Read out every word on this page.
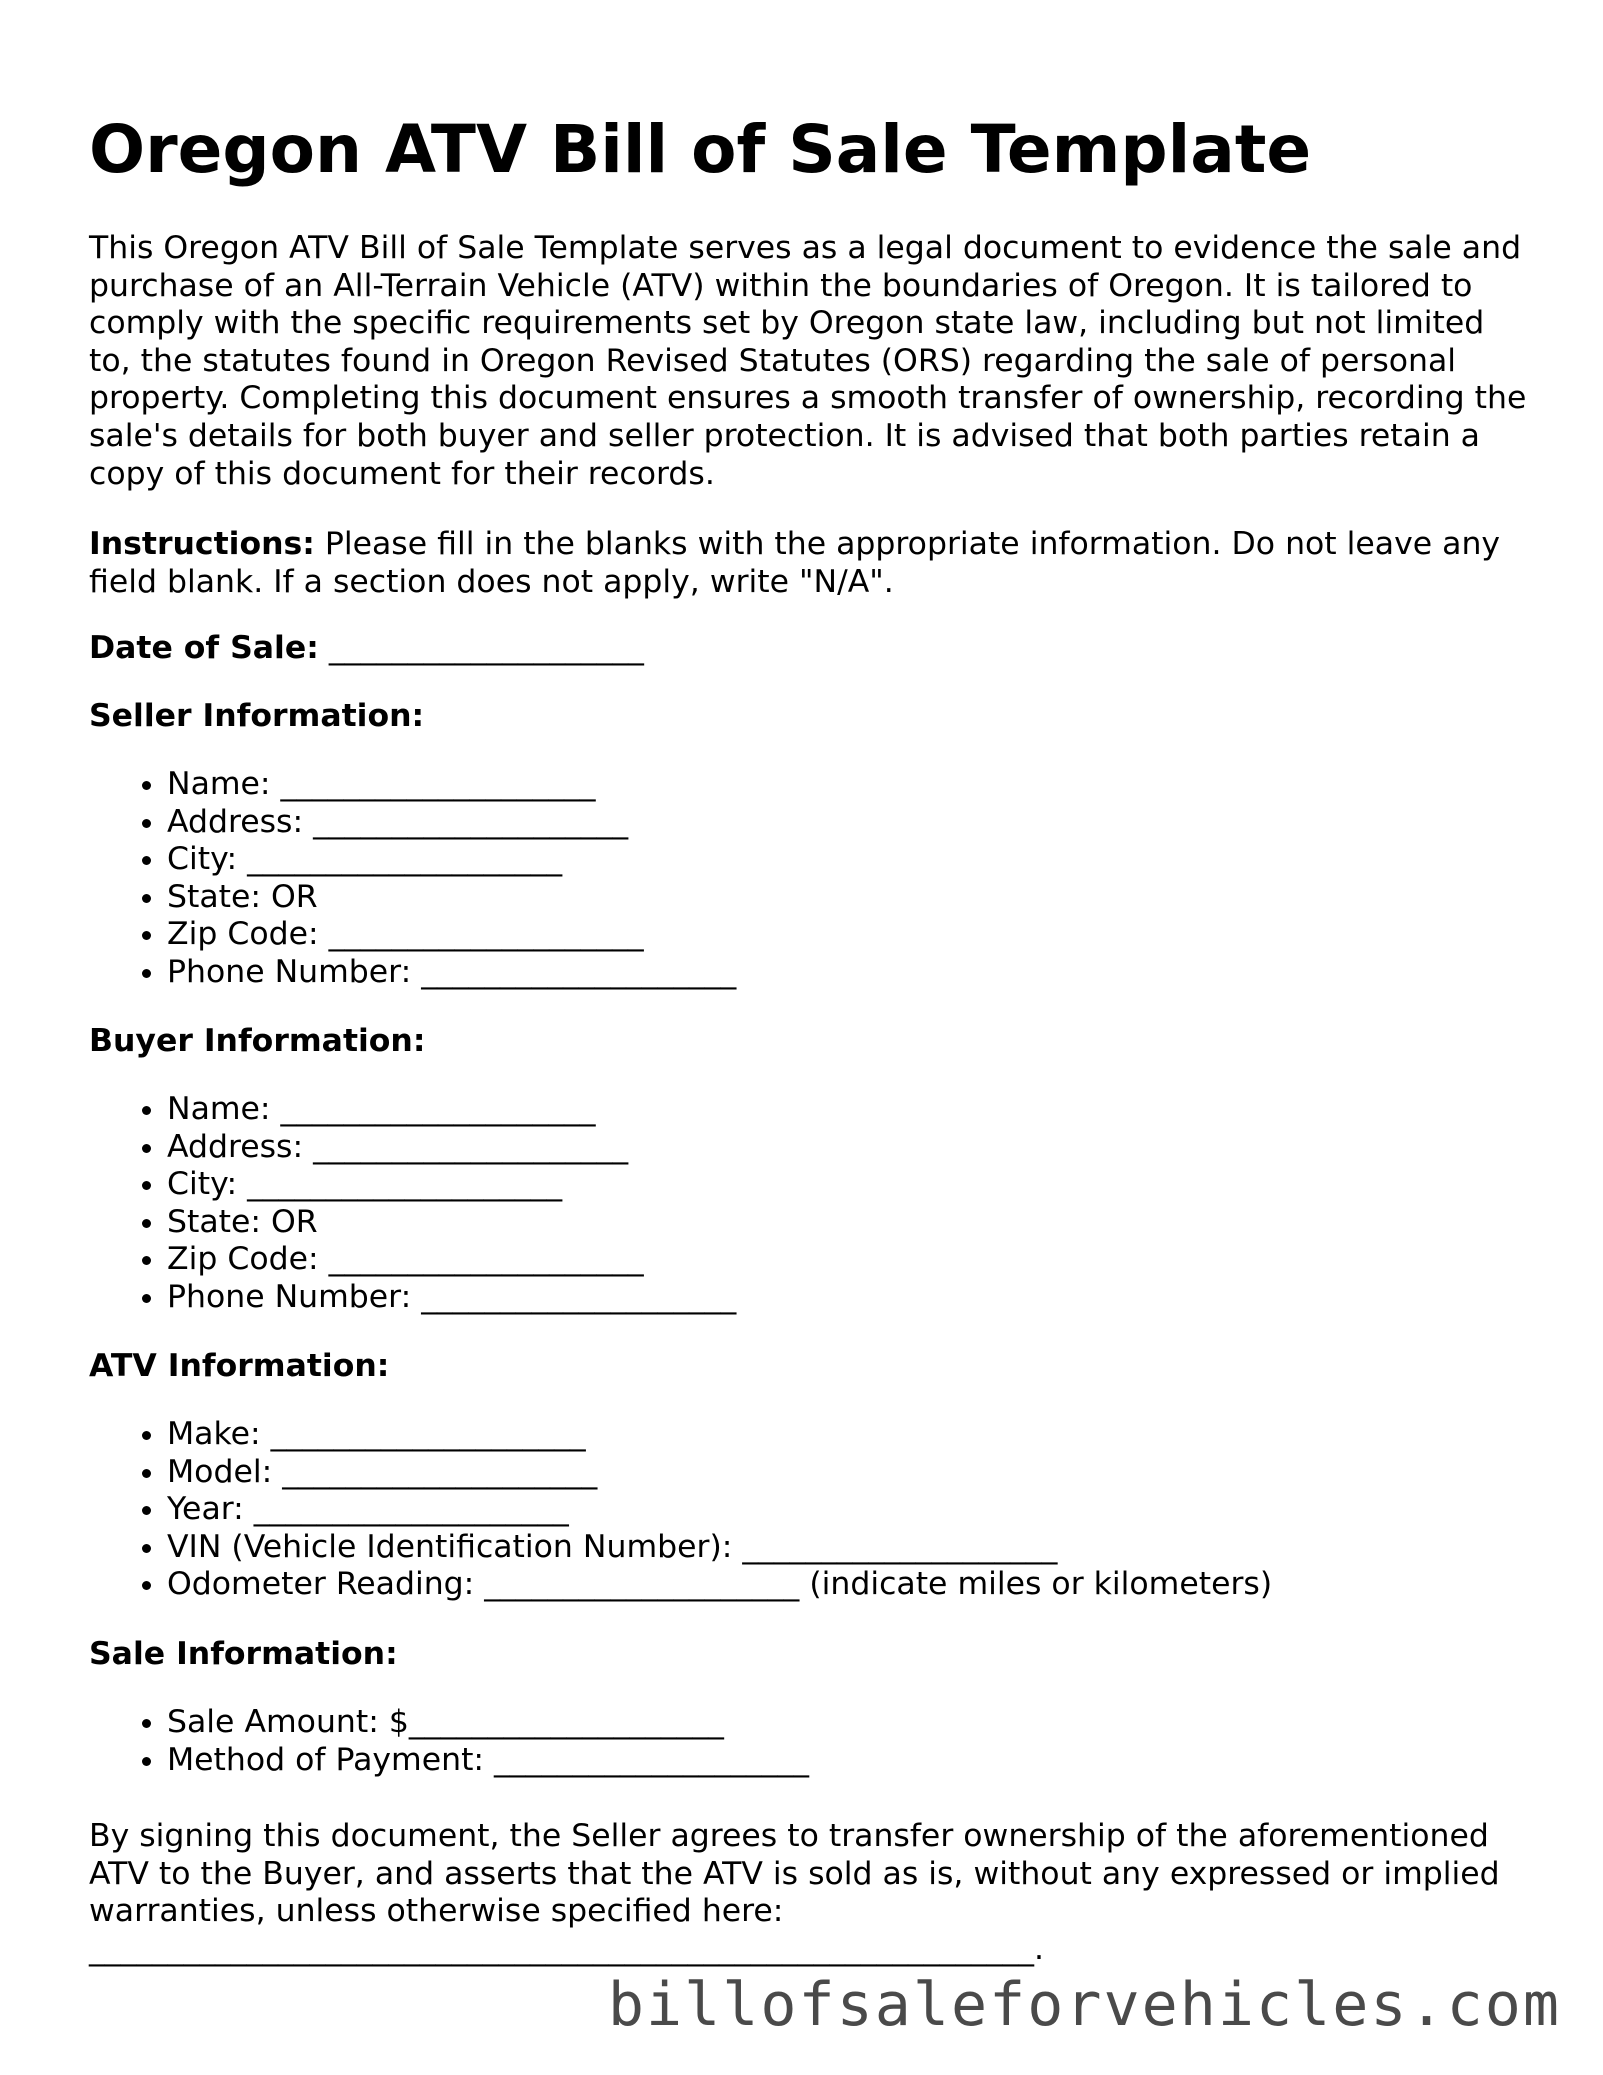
Oregon ATV Bill of Sale Template

This Oregon ATV Bill of Sale Template serves as a legal document to evidence the sale and purchase of an All-Terrain Vehicle (ATV) within the boundaries of Oregon. It is tailored to comply with the specific requirements set by Oregon state law, including but not limited to, the statutes found in Oregon Revised Statutes (ORS) regarding the sale of personal property. Completing this document ensures a smooth transfer of ownership, recording the sale's details for both buyer and seller protection. It is advised that both parties retain a copy of this document for their records.

Instructions: Please fill in the blanks with the appropriate information. Do not leave any field blank. If a section does not apply, write "N/A".

Date of Sale: ____________________

Seller Information:

• Name: ____________________
• Address: ____________________
• City: ____________________
• State: OR
• Zip Code: ____________________
• Phone Number: ____________________

Buyer Information:

• Name: ____________________
• Address: ____________________
• City: ____________________
• State: OR
• Zip Code: ____________________
• Phone Number: ____________________

ATV Information:

• Make: ____________________
• Model: ____________________
• Year: ____________________
• VIN (Vehicle Identification Number): ____________________
• Odometer Reading: ____________________ (indicate miles or kilometers)

Sale Information:

• Sale Amount: $____________________
• Method of Payment: ____________________

By signing this document, the Seller agrees to transfer ownership of the aforementioned ATV to the Buyer, and asserts that the ATV is sold as is, without any expressed or implied warranties, unless otherwise specified here: ____________________________________________________________.

billofsaleforvehicles.com
